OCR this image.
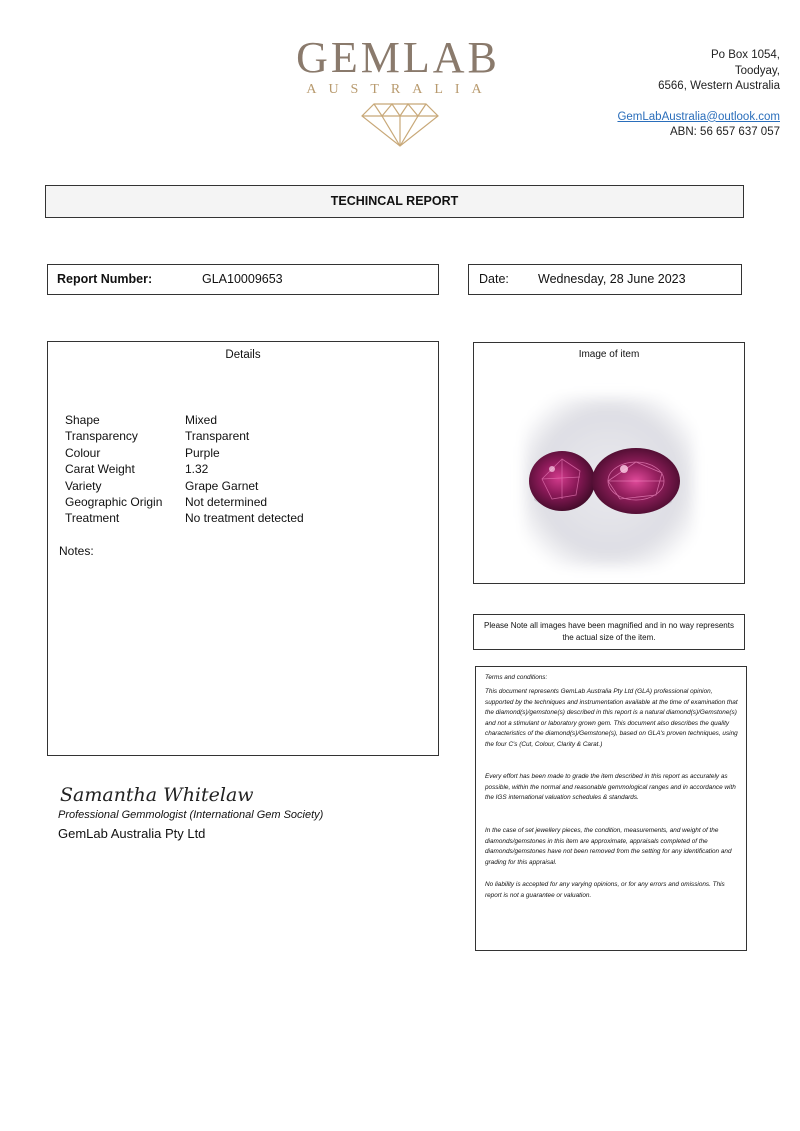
GEMLAB
AUSTRALIA
Po Box 1054,
Toodyay,
6566, Western Australia
GemLabAustralia@outlook.com
ABN: 56 657 637 057
TECHINCAL REPORT
Report Number:	GLA10009653	Date: Wednesday, 28 June 2023
Details
Shape	Mixed
Transparency	Transparent
Colour	Purple
Carat Weight	1.32
Variety	Grape Garnet
Geographic Origin	Not determined
Treatment	No treatment detected
Notes:
Image of item
Please Note all images have been magnified and in no way represents the actual size of the item.
Terms and conditions:
This document represents GemLab Australia Pty Ltd (GLA) professional opinion, supported by the techniques and instrumentation available at the time of examination that the diamond(s)/gemstone(s) described in this report is a natural diamond(s)/Gemstone(s) and not a stimulant or laboratory grown gem. This document also describes the quality characteristics of the diamond(s)/Gemstone(s), based on GLA's proven techniques, using the four C's (Cut, Colour, Clarity & Carat.)
Every effort has been made to grade the item described in this report as accurately as possible, within the normal and reasonable gemmological ranges and in accordance with the IGS international valuation schedules & standards.
In the case of set jewellery pieces, the condition, measurements, and weight of the diamonds/gemstones in this item are approximate, appraisals completed of the diamonds/gemstones have not been removed from the setting for any identification and grading for this appraisal.
No liability is accepted for any varying opinions, or for any errors and omissions. This report is not a guarantee or valuation.
Samantha Whitelaw
Professional Gemmologist (International Gem Society)
GemLab Australia Pty Ltd
